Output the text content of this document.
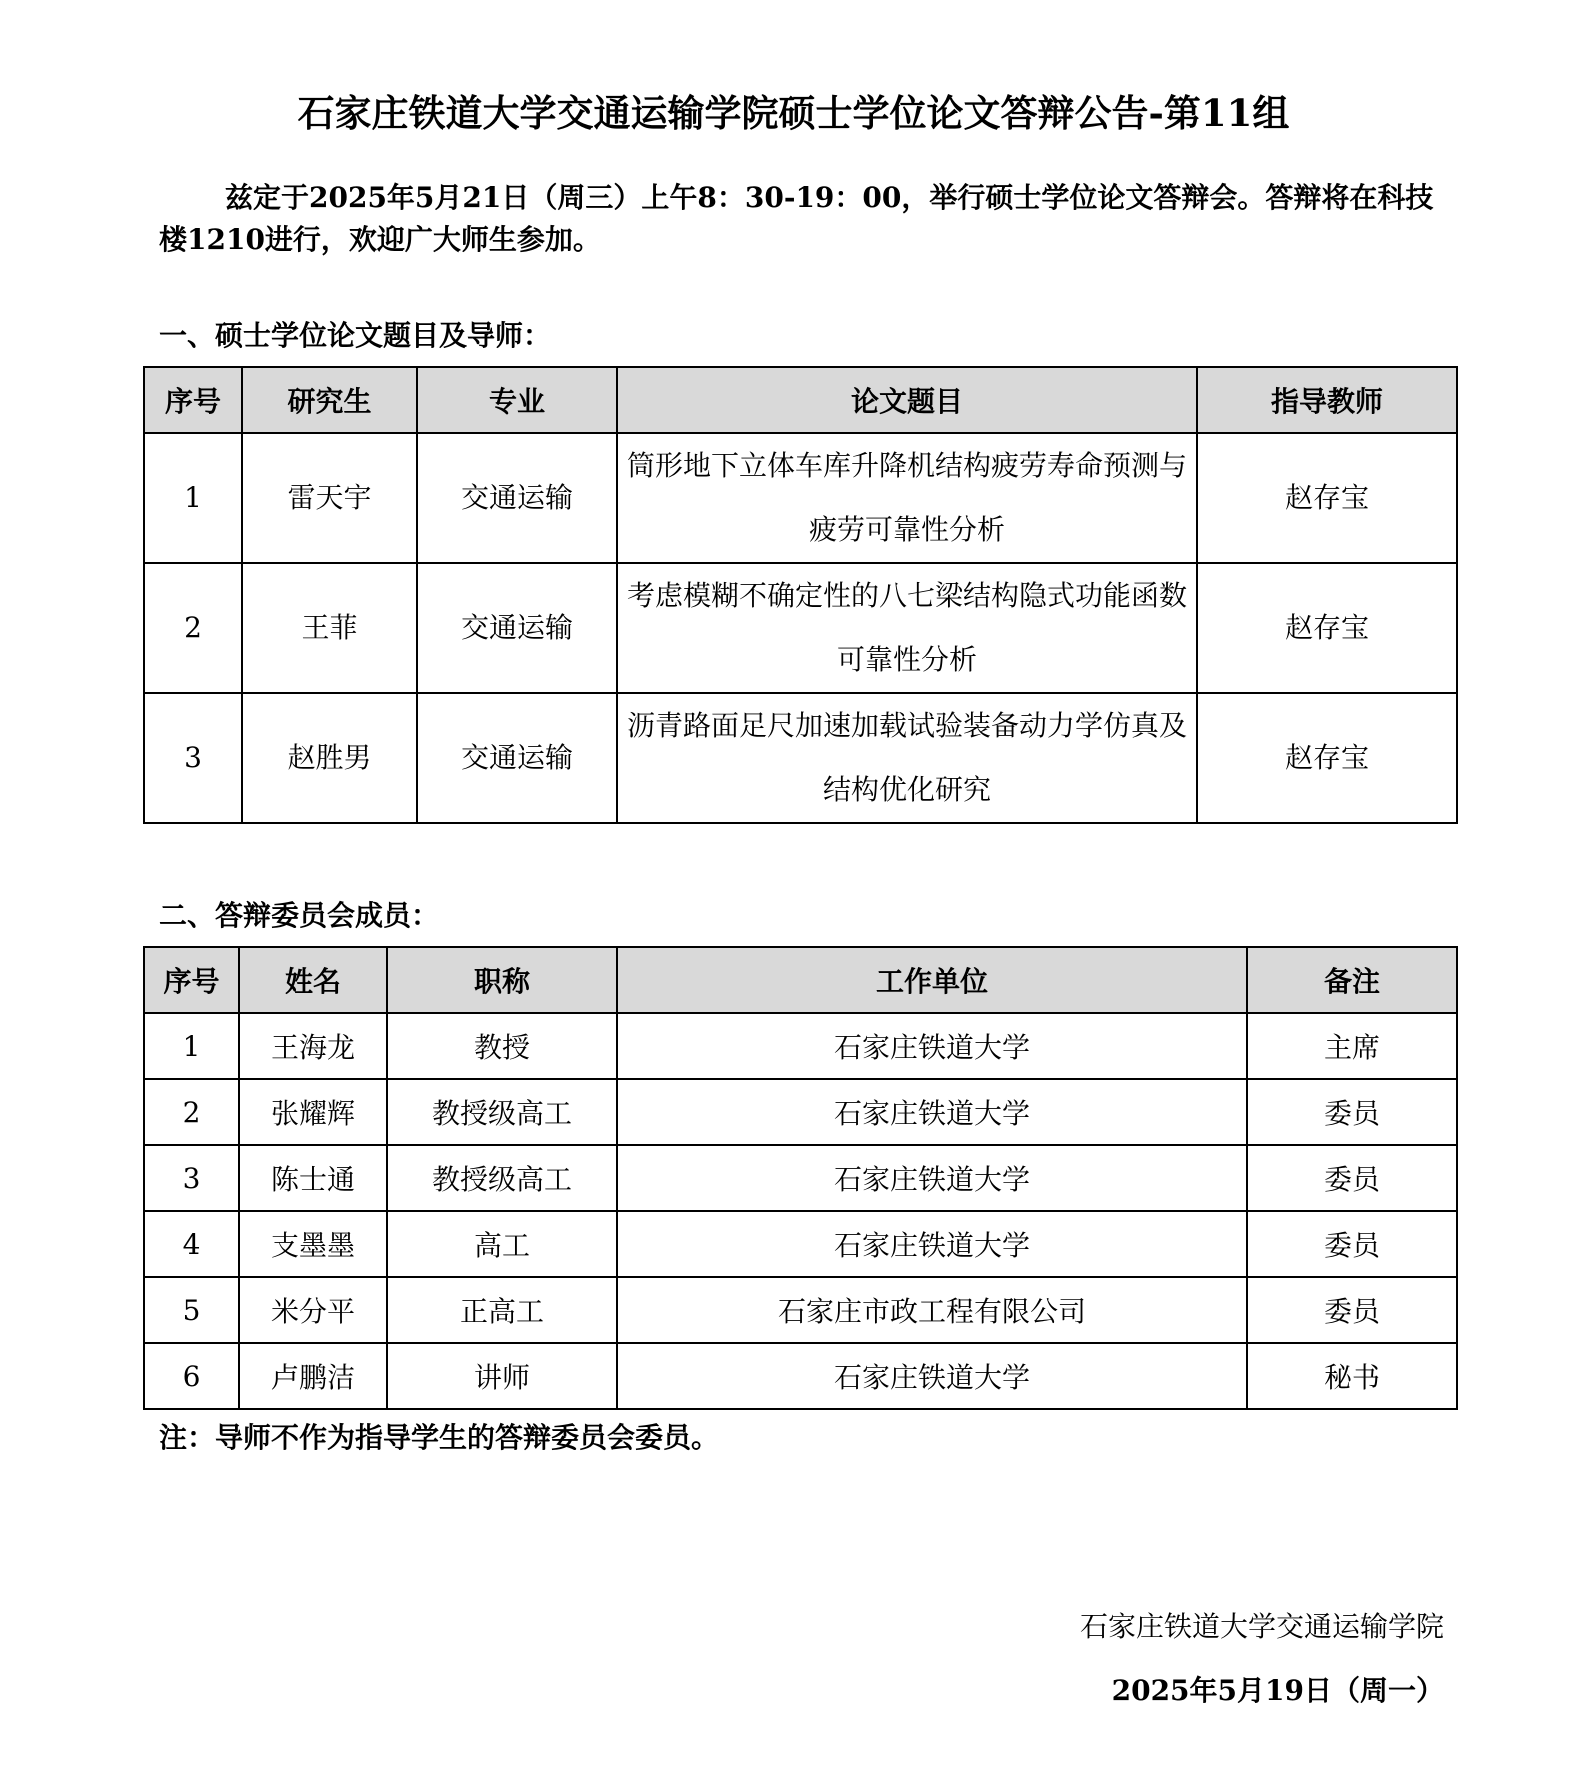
石家庄铁道大学交通运输学院硕士学位论文答辩公告-第11组
兹定于2025年5月21日（周三）上午8：30-19：00，举行硕士学位论文答辩会。答辩将在科技楼1210进行，欢迎广大师生参加。
一、硕士学位论文题目及导师：
序号	研究生	专业	论文题目	指导教师
1	雷天宇	交通运输	筒形地下立体车库升降机结构疲劳寿命预测与疲劳可靠性分析	赵存宝
2	王菲	交通运输	考虑模糊不确定性的八七梁结构隐式功能函数可靠性分析	赵存宝
3	赵胜男	交通运输	沥青路面足尺加速加载试验装备动力学仿真及结构优化研究	赵存宝
二、答辩委员会成员：
序号	姓名	职称	工作单位	备注
1	王海龙	教授	石家庄铁道大学	主席
2	张耀辉	教授级高工	石家庄铁道大学	委员
3	陈士通	教授级高工	石家庄铁道大学	委员
4	支墨墨	高工	石家庄铁道大学	委员
5	米分平	正高工	石家庄市政工程有限公司	委员
6	卢鹏洁	讲师	石家庄铁道大学	秘书
注：导师不作为指导学生的答辩委员会委员。
石家庄铁道大学交通运输学院
2025年5月19日（周一）
